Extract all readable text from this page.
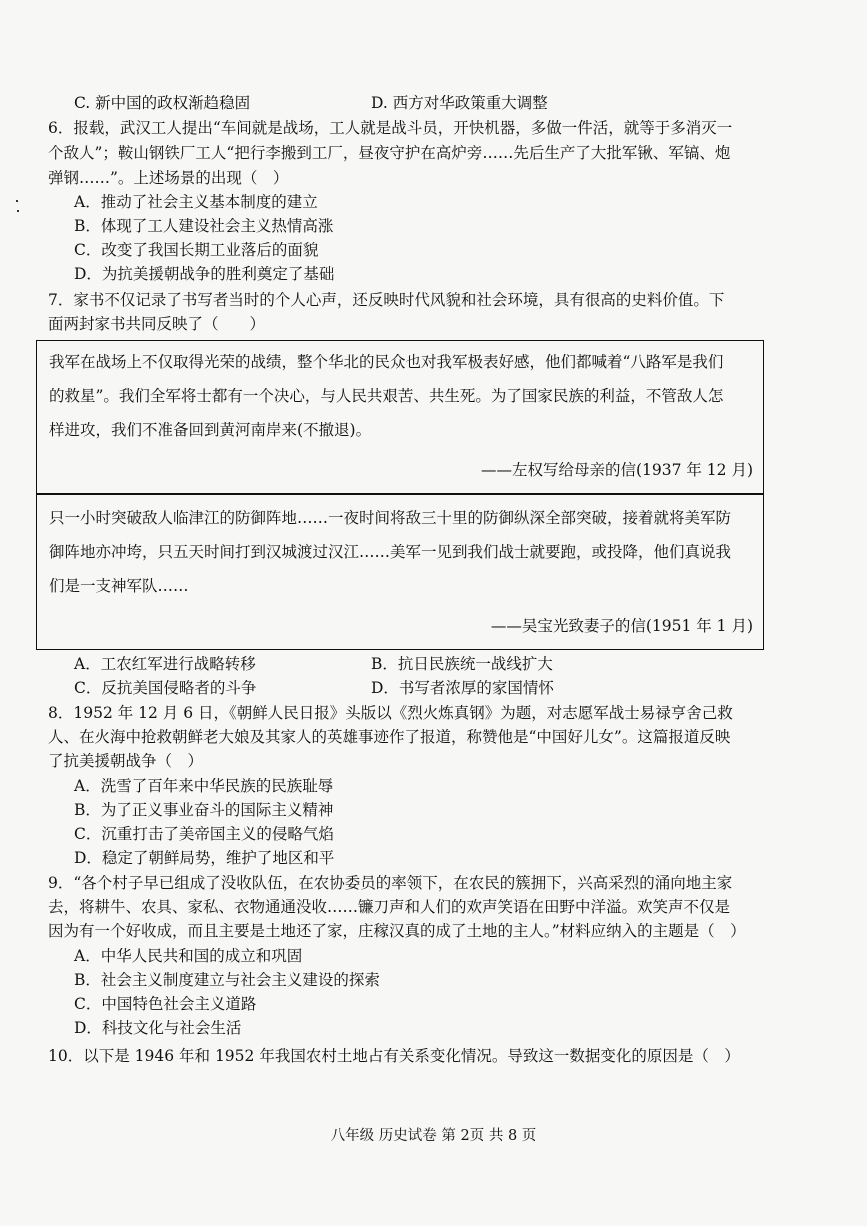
C. 新中国的政权渐趋稳固	D. 西方对华政策重大调整
6．报载，武汉工人提出“车间就是战场，工人就是战斗员，开快机器，多做一件活，就等于多消灭一
个敌人”；鞍山钢铁厂工人“把行李搬到工厂，昼夜守护在高炉旁……先后生产了大批军锹、军镐、炮
弹钢……”。上述场景的出现（　）
A．推动了社会主义基本制度的建立
B．体现了工人建设社会主义热情高涨
C．改变了我国长期工业落后的面貌
D．为抗美援朝战争的胜利奠定了基础
7．家书不仅记录了书写者当时的个人心声，还反映时代风貌和社会环境，具有很高的史料价值。下
面两封家书共同反映了（　　）
我军在战场上不仅取得光荣的战绩，整个华北的民众也对我军极表好感，他们都喊着“八路军是我们
的救星”。我们全军将士都有一个决心，与人民共艰苦、共生死。为了国家民族的利益，不管敌人怎
样进攻，我们不准备回到黄河南岸来(不撤退)。
——左权写给母亲的信(1937 年 12 月)
只一小时突破敌人临津江的防御阵地……一夜时间将敌三十里的防御纵深全部突破，接着就将美军防
御阵地亦冲垮，只五天时间打到汉城渡过汉江……美军一见到我们战士就要跑，或投降，他们真说我
们是一支神军队……
——吴宝光致妻子的信(1951 年 1 月)
A．工农红军进行战略转移	B．抗日民族统一战线扩大
C．反抗美国侵略者的斗争	D．书写者浓厚的家国情怀
8．1952 年 12 月 6 日，《朝鲜人民日报》头版以《烈火炼真钢》为题，对志愿军战士易禄亨舍己救
人、在火海中抢救朝鲜老大娘及其家人的英雄事迹作了报道，称赞他是“中国好儿女”。这篇报道反映
了抗美援朝战争（　）
A．洗雪了百年来中华民族的民族耻辱
B．为了正义事业奋斗的国际主义精神
C．沉重打击了美帝国主义的侵略气焰
D．稳定了朝鲜局势，维护了地区和平
9．“各个村子早已组成了没收队伍，在农协委员的率领下，在农民的簇拥下，兴高采烈的涌向地主家
去，将耕牛、农具、家私、衣物通通没收……镰刀声和人们的欢声笑语在田野中洋溢。欢笑声不仅是
因为有一个好收成，而且主要是土地还了家，庄稼汉真的成了土地的主人。”材料应纳入的主题是（　）
A．中华人民共和国的成立和巩固
B．社会主义制度建立与社会主义建设的探索
C．中国特色社会主义道路
D．科技文化与社会生活
10．以下是 1946 年和 1952 年我国农村土地占有关系变化情况。导致这一数据变化的原因是（　）
八年级 历史试卷 第 2页 共 8 页
